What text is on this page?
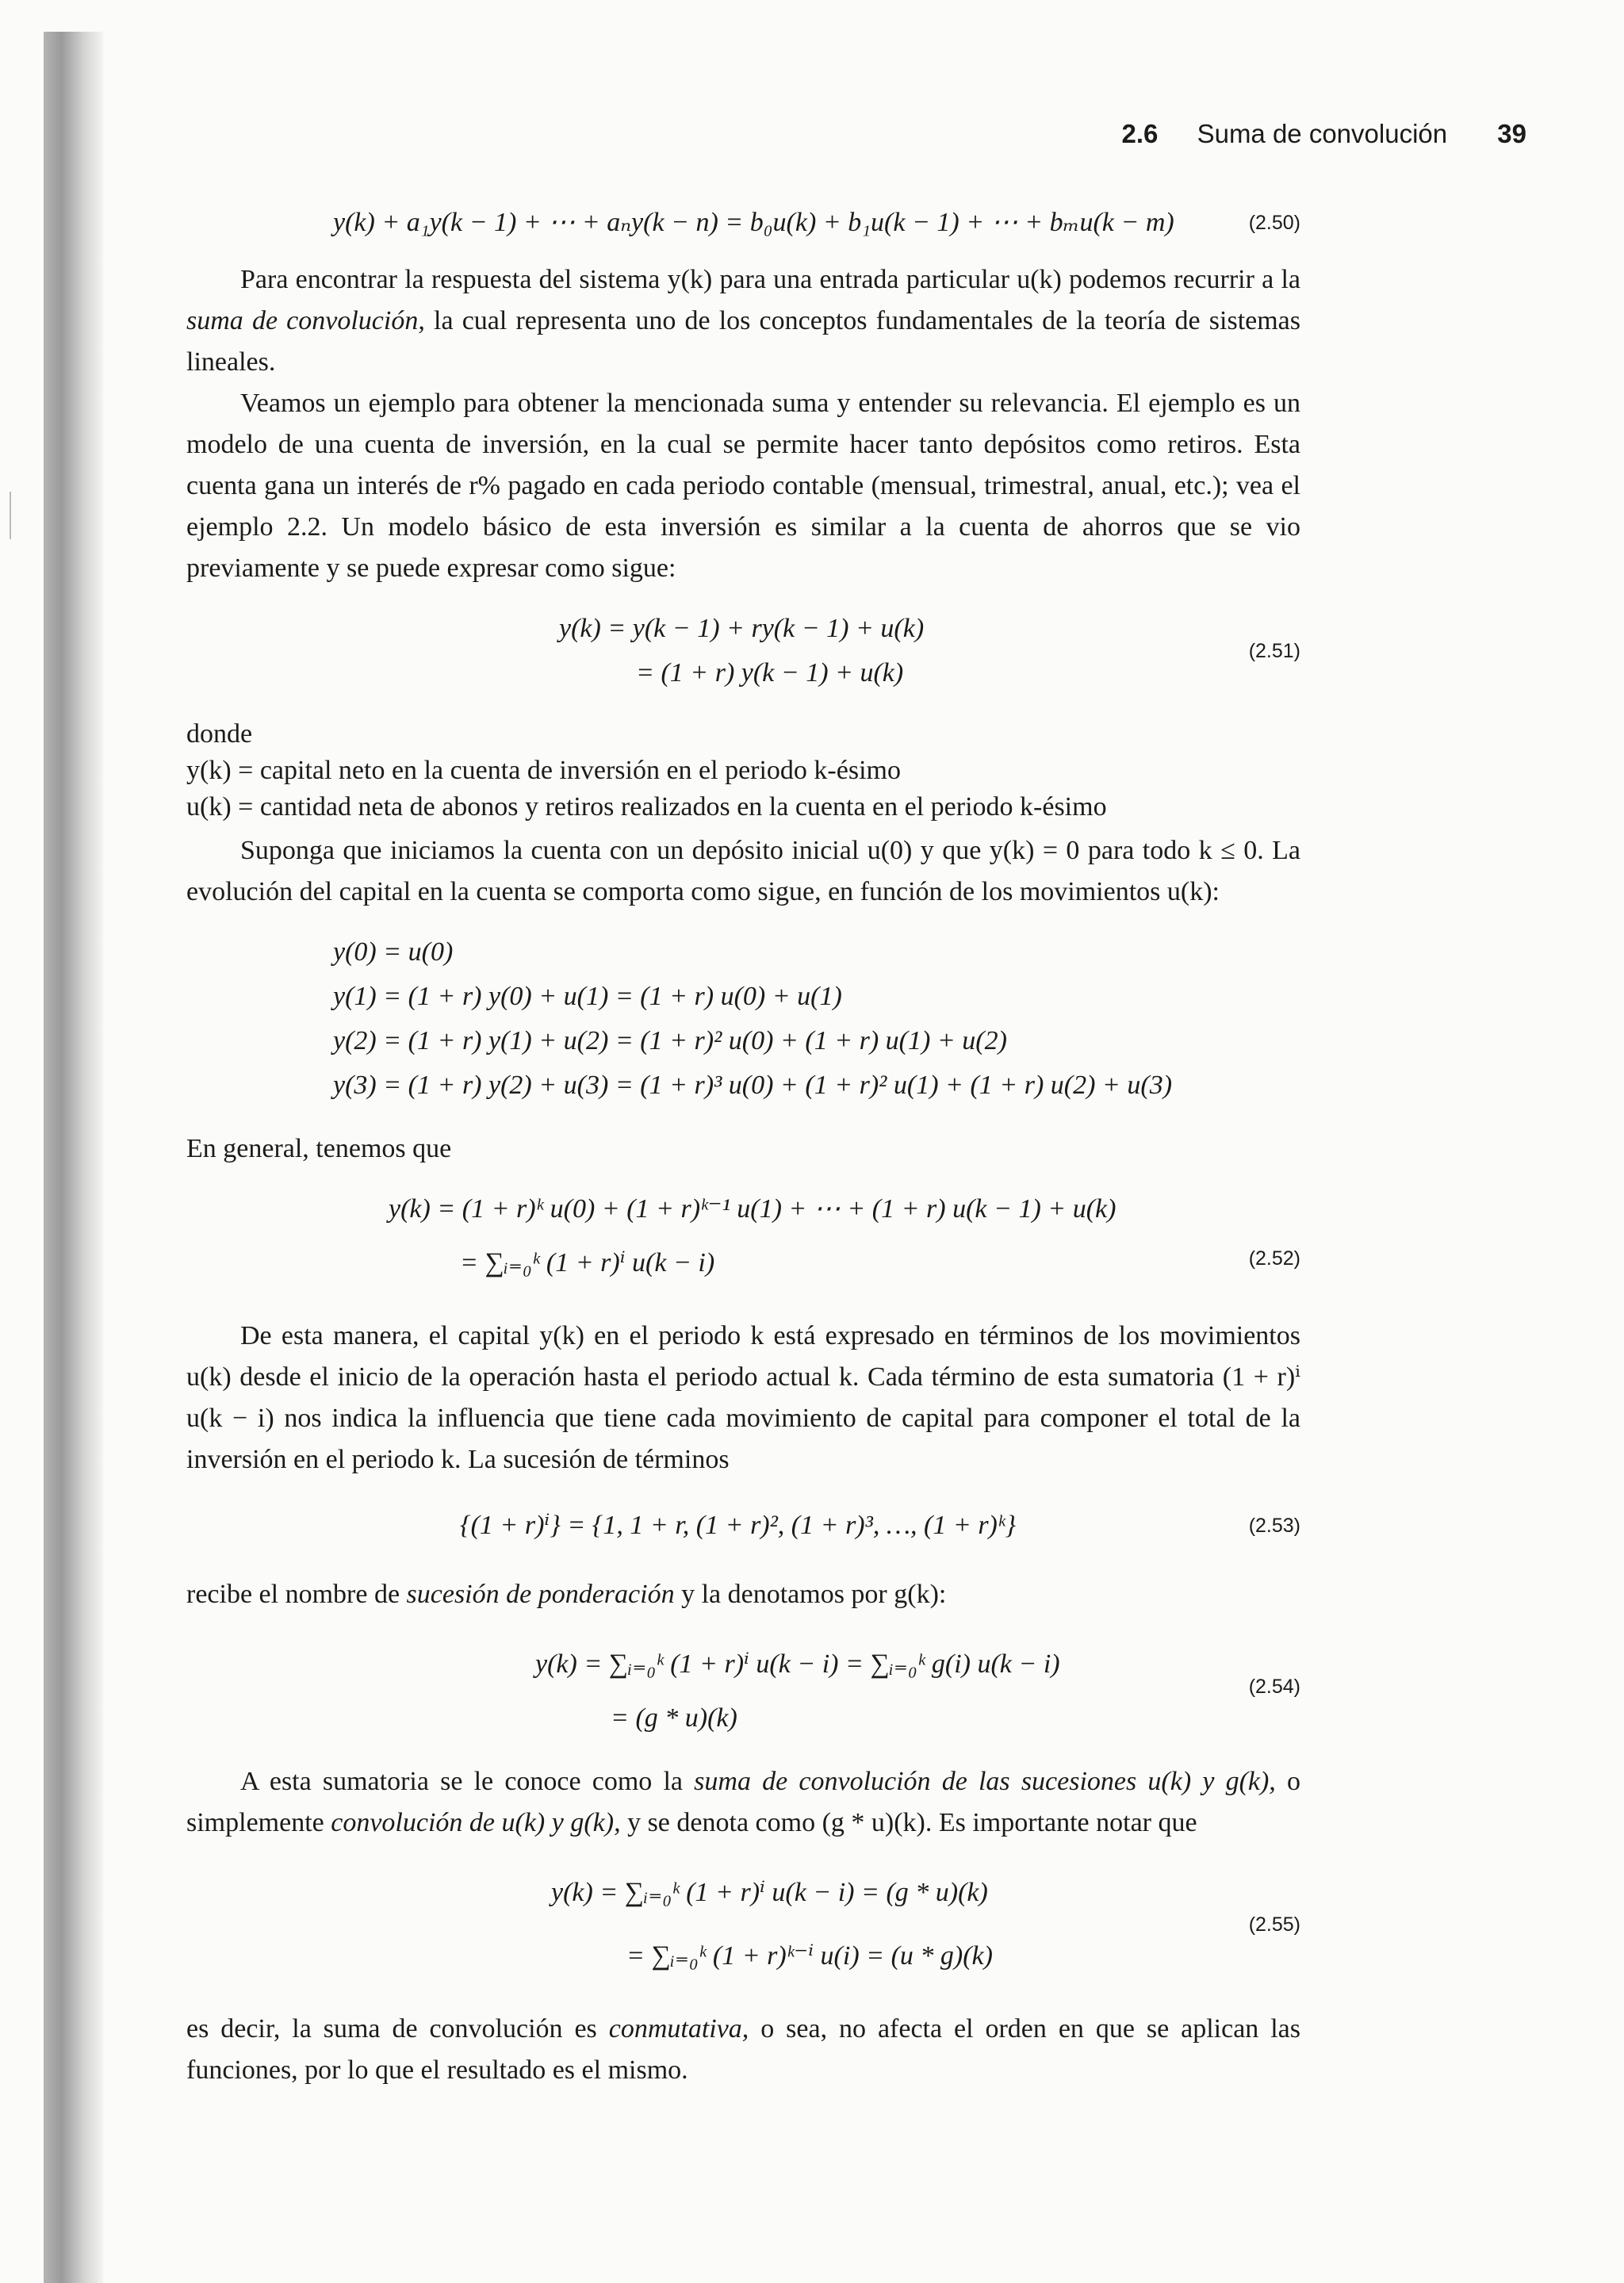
2.6 Suma de convolución 39
y(k) + a₁y(k − 1) + ⋯ + aₙy(k − n) = b₀u(k) + b₁u(k − 1) + ⋯ + bₘu(k − m)	(2.50)

Para encontrar la respuesta del sistema y(k) para una entrada particular u(k) podemos recurrir a la suma de convolución, la cual representa uno de los conceptos fundamentales de la teoría de sistemas lineales.

Veamos un ejemplo para obtener la mencionada suma y entender su relevancia. El ejemplo es un modelo de una cuenta de inversión, en la cual se permite hacer tanto depósitos como retiros. Esta cuenta gana un interés de r% pagado en cada periodo contable (mensual, trimestral, anual, etc.); vea el ejemplo 2.2. Un modelo básico de esta inversión es similar a la cuenta de ahorros que se vio previamente y se puede expresar como sigue:

y(k) = y(k − 1) + ry(k − 1) + u(k)
= (1 + r) y(k − 1) + u(k)
(2.51)
donde
y(k) = capital neto en la cuenta de inversión en el periodo k-ésimo
u(k) = cantidad neta de abonos y retiros realizados en la cuenta en el periodo k-ésimo

Suponga que iniciamos la cuenta con un depósito inicial u(0) y que y(k) = 0 para todo k ≤ 0. La evolución del capital en la cuenta se comporta como sigue, en función de los movimientos u(k):

y(0) = u(0)
y(1) = (1 + r) y(0) + u(1) = (1 + r) u(0) + u(1)
y(2) = (1 + r) y(1) + u(2) = (1 + r)² u(0) + (1 + r) u(1) + u(2)
y(3) = (1 + r) y(2) + u(3) = (1 + r)³ u(0) + (1 + r)² u(1) + (1 + r) u(2) + u(3)

En general, tenemos que

y(k) = (1 + r)ᵏ u(0) + (1 + r)ᵏ⁻¹ u(1) + ⋯ + (1 + r) u(k − 1) + u(k)
= ∑ᵢ₌₀ᵏ (1 + r)ⁱ u(k − i)	(2.52)

De esta manera, el capital y(k) en el periodo k está expresado en términos de los movimientos u(k) desde el inicio de la operación hasta el periodo actual k. Cada término de esta sumatoria (1 + r)ⁱ u(k − i) nos indica la influencia que tiene cada movimiento de capital para componer el total de la inversión en el periodo k. La sucesión de términos

{(1 + r)ⁱ} = {1, 1 + r, (1 + r)², (1 + r)³, …, (1 + r)ᵏ}	(2.53)

recibe el nombre de sucesión de ponderación y la denotamos por g(k):

y(k) = ∑ᵢ₌₀ᵏ (1 + r)ⁱ u(k − i) = ∑ᵢ₌₀ᵏ g(i) u(k − i)
= (g * u)(k)
(2.54)

A esta sumatoria se le conoce como la suma de convolución de las sucesiones u(k) y g(k), o simplemente convolución de u(k) y g(k), y se denota como (g * u)(k). Es importante notar que

y(k) = ∑ᵢ₌₀ᵏ (1 + r)ⁱ u(k − i) = (g * u)(k)
= ∑ᵢ₌₀ᵏ (1 + r)ᵏ⁻ⁱ u(i) = (u * g)(k)
(2.55)

es decir, la suma de convolución es conmutativa, o sea, no afecta el orden en que se aplican las funciones, por lo que el resultado es el mismo.
